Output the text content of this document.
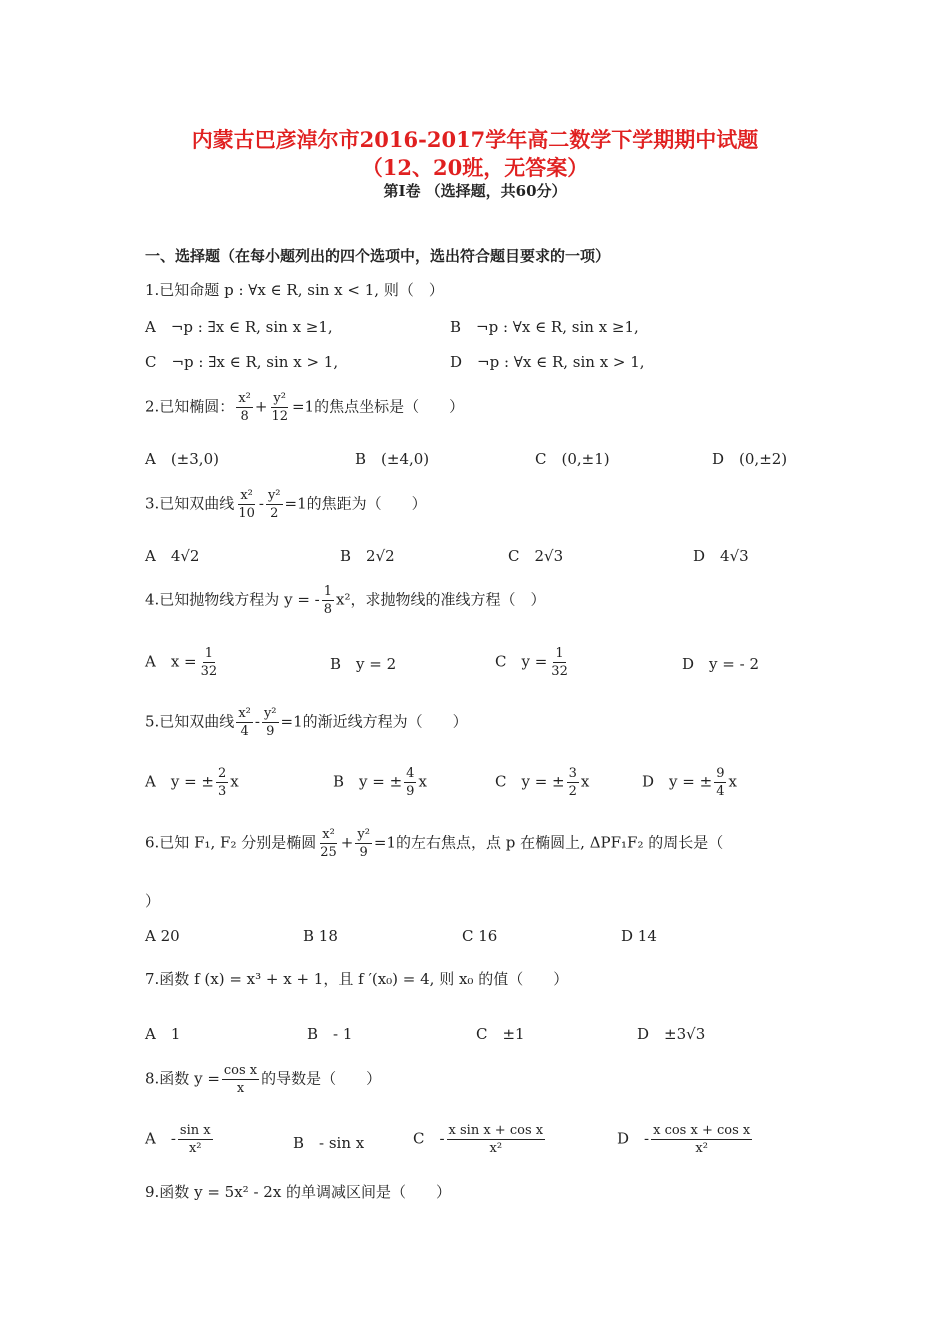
内蒙古巴彦淖尔市2016-2017学年高二数学下学期期中试题
（12、20班，无答案）
第Ⅰ卷 （选择题，共60分）
一、选择题（在每小题列出的四个选项中，选出符合题目要求的一项）
1.已知命题 p : ∀x ∈ R, sin x < 1, 则（　）
A　¬p : ∃x ∈ R, sin x ≥1,	B　¬p : ∀x ∈ R, sin x ≥1,
C　¬p : ∃x ∈ R, sin x > 1,	D　¬p : ∀x ∈ R, sin x > 1,
2.已知椭圆： $\frac{\text{x²}}{8} + \frac{\text{y²}}{12} =1$的焦点坐标是（　　）
A　(±3,0)	B　(±4,0)	C　(0,±1)	D　(0,±2)
3.已知双曲线 $\frac{\text{x²}}{10} - \frac{\text{y²}}{2} =1$的焦距为（　　）
A　4√2	B　2√2	C　2√3	D　4√3
4.已知抛物线方程为 y = - $\frac{1}{8} x^2$，求抛物线的准线方程（　）
A　$x = \frac{1}{32}$	B　y = 2	C　$y = \frac{1}{32}$	D　y = - 2
5.已知双曲线 $\frac{\text{x²}}{4} - \frac{\text{y²}}{9} =1$的渐近线方程为（　　）
A　y = ± $\frac{2}{3}$ x	B　y = ± $\frac{4}{9}$ x	C　y = ± $\frac{3}{2}$ x	D　y = ± $\frac{9}{4}$ x
6.已知 F₁, F₂ 分别是椭圆 $\frac{\text{x²}}{25} + \frac{\text{y²}}{9} =1$的左右焦点，点 p 在椭圆上, ΔPF₁F₂ 的周长是（
）
A 20	B 18	C 16	D 14
7.函数 f (x) = x³ + x + 1，且 f ′(x₀) = 4, 则 x₀ 的值（　　）
A　1	B　- 1	C　±1	D　±3√3
8.函数 $y = \frac{\text{cos x}}{x}$ 的导数是（　　）
A　- $\frac{\text{sin x}}{\text{x²}}$	B　- sin x	C　- $\frac{\text{x sin x + cos x}}{\text{x²}}$	D　- $\frac{\text{x cos x + cos x}}{\text{x²}}$
9.函数 y = 5x² - 2x 的单调减区间是（　　）
